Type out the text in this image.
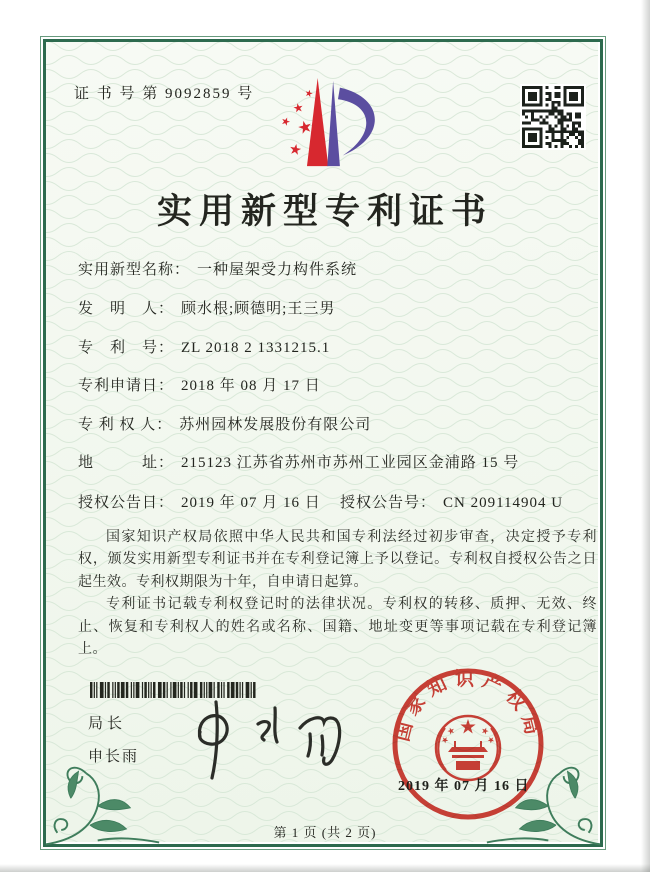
证 书 号 第 9092859 号
实用新型专利证书
实用新型名称： 一种屋架受力构件系统
发　明　人： 顾水根;顾德明;王三男
专　利　号： ZL 2018 2 1331215.1
专利申请日： 2018 年 08 月 17 日
专 利 权 人： 苏州园林发展股份有限公司
地　　　址： 215123 江苏省苏州市苏州工业园区金浦路 15 号
授权公告日： 2019 年 07 月 16 日 授权公告号： CN 209114904 U

国家知识产权局依照中华人民共和国专利法经过初步审查，决定授予专利权，颁发实用新型专利证书并在专利登记簿上予以登记。专利权自授权公告之日起生效。专利权期限为十年，自申请日起算。

专利证书记载专利权登记时的法律状况。专利权的转移、质押、无效、终止、恢复和专利权人的姓名或名称、国籍、地址变更等事项记载在专利登记簿上。

局长
申长雨
国家知识产权局
2019 年 07 月 16 日
第 1 页 (共 2 页)
